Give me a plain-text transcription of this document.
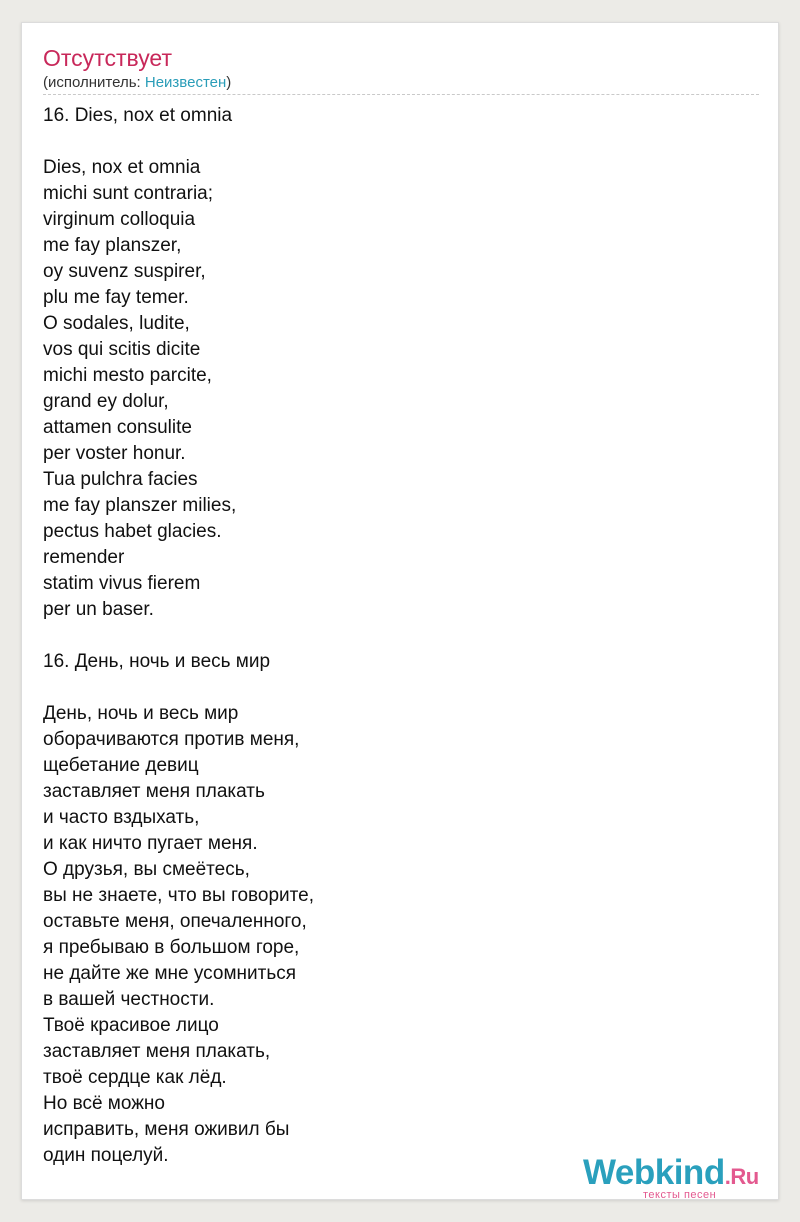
Отсутствует
(исполнитель: Неизвестен)
16. Dies, nox et omnia
Dies, nox et omnia
michi sunt contraria;
virginum colloquia
me fay planszer,
oy suvenz suspirer,
plu me fay temer.
O sodales, ludite,
vos qui scitis dicite
michi mesto parcite,
grand ey dolur,
attamen consulite
per voster honur.
Tua pulchra facies
me fay planszer milies,
pectus habet glacies.
remender
statim vivus fierem
per un baser.
16. День, ночь и весь мир
День, ночь и весь мир
оборачиваются против меня,
щебетание девиц
заставляет меня плакать
и часто вздыхать,
и как ничто пугает меня.
О друзья, вы смеётесь,
вы не знаете, что вы говорите,
оставьте меня, опечаленного,
я пребываю в большом горе,
не дайте же мне усомниться
в вашей честности.
Твоё красивое лицо
заставляет меня плакать,
твоё сердце как лёд.
Но всё можно
исправить, меня оживил бы
один поцелуй.	Webkind.Ru
тексты песен
